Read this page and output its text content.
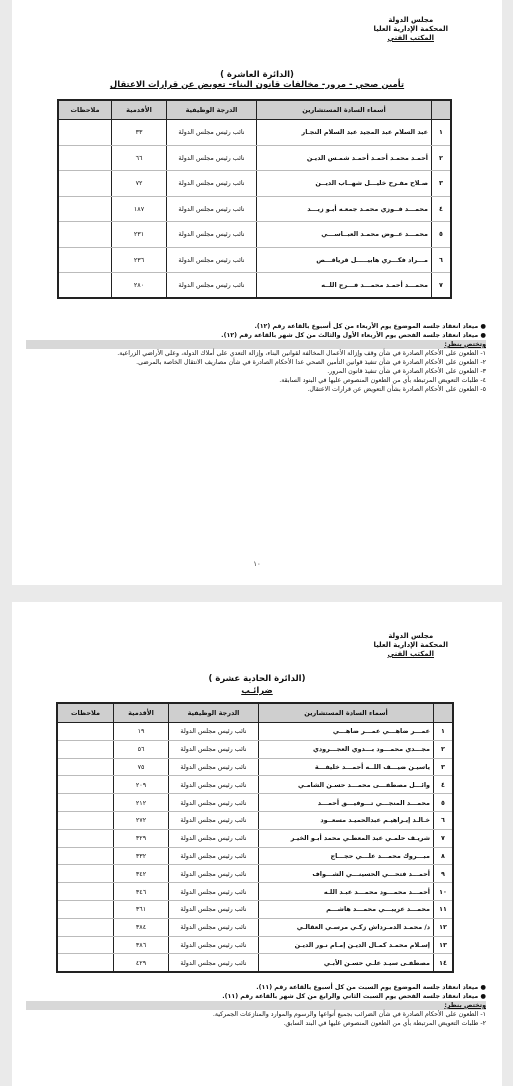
مجلس الدولة
المحكمة الإدارية العليا
المكتب الفني
(الدائرة العاشرة )
تأمين صحي - مرور- مخالفات قانون البناء- تعويض عن قرارات الاعتقال
	أسماء السادة المستشارين	الدرجة الوظيفية	الأقدمية	ملاحظات
١	عبد السلام عبد المجيد عبد السلام النجـار	نائب رئيس مجلس الدولة	٣٣	
٢	أحمـد محمـد أحمـد أحمـد شمـس الديـن	نائب رئيس مجلس الدولة	٦٦	
٣	صـلاح مفـرح خليـــل شهــاب الديــن	نائب رئيس مجلس الدولة	٧٢	
٤	محمـــد فــوزي محمـد جمعـه أبـو زيـــد	نائب رئيس مجلس الدولة	١٨٧	
٥	محمـــد عــوض محمـد العبــاســـي	نائب رئيس مجلس الدولة	٢٣١	
٦	مـــراد فكـــري هابيـــــل قرياقـــص	نائب رئيس مجلس الدولة	٢٣٦	
٧	محمـــد أحمـد محمـــد فـــرج اللــه	نائب رئيس مجلس الدولة	٢٨٠	
● ميعاد انعقاد جلسة الموضوع يوم الأربعاء من كل أسبوع بالقاعة رقم (١٢).
● ميعاد انعقاد جلسة الفحص يوم الأربعاء الأول والثالث من كل شهر بالقاعة رقم (١٢).
وتختص بنظر:
١- الطعون على الأحكام الصادرة في شأن وقف وإزالة الأعمال المخالفة لقوانين البناء، وإزالة التعدي على أملاك الدولة، وعلى الأراضي الزراعية.
٢- الطعون على الأحكام الصادرة في شأن تنفيذ قوانين التأمين الصحي عدا الأحكام الصادرة في شأن مصاريف الانتقال الخاصة بالمرضى.
٣- الطعون على الأحكام الصادرة في شأن تنفيذ قانون المرور.
٤- طلبات التعويض المرتبطة بأي من الطعون المنصوص عليها في البنود السابقة.
٥- الطعون على الأحكام الصادرة بشأن التعويض عن قرارات الاعتقال.
١٠
مجلس الدولة
المحكمة الإدارية العليا
المكتب الفني
(الدائرة الحادية عشرة )
ضرائـب
	أسماء السادة المستشارين	الدرجة الوظيفية	الأقدمية	ملاحظات
١	عمـــر ضاهـــي عمـــر ضاهـــي	نائب رئيس مجلس الدولة	١٩	
٢	مجـــدي محمـــود بـــدوي العجـــرودي	نائب رئيس مجلس الدولة	٥٦	
٣	ياسيـن ضيـــف اللــه أحمـــد خليفـــة	نائب رئيس مجلس الدولة	٧٥	
٤	وائـــل مصطفـــى محمـــد حسـن الشامـي	نائب رئيس مجلس الدولة	٢٠٩	
٥	محمـــد المنجـــي تـــوفيـــق أحمـــد	نائب رئيس مجلس الدولة	٢١٢	
٦	خـالـد إبـراهيـم عبدالحميـد مسعــود	نائب رئيس مجلس الدولة	٢٧٢	
٧	شريـف حلمـي عبد المعطـي محمد أبـو الخيـر	نائب رئيس مجلس الدولة	٣٢٩	
٨	مبـــروك محمـــد علـــي حجـــاج	نائب رئيس مجلس الدولة	٣٣٢	
٩	أحمـــد فتحـــي الحسينـــي الشـــواف	نائب رئيس مجلس الدولة	٣٤٢	
١٠	أحمـــد محمـــود محمـــد عبـد اللـه	نائب رئيس مجلس الدولة	٣٤٦	
١١	محمـــد عريبـــي محمـــد هاشـــم	نائب رئيس مجلس الدولة	٣٦١	
١٢	د/ محمـد الدمـرداش زكـي مرسـي العقالـي	نائب رئيس مجلس الدولة	٣٨٤	
١٣	إسـلام محمـد كمـال الديـن إمـام نـور الديـن	نائب رئيس مجلس الدولة	٣٨٦	
١٤	مصطفـى سيـد علـي حسـن الأبـي	نائب رئيس مجلس الدولة	٤٢٩	
● ميعاد انعقاد جلسة الموضوع يوم السبت من كل أسبوع بالقاعة رقم (١١).
● ميعاد انعقاد جلسة الفحص يوم السبت الثاني والرابع من كل شهر بالقاعة رقم (١١).
وتختص بنظر:
١- الطعون على الأحكام الصادرة في شأن الضرائب بجميع أنواعها والرسوم والموارد والمنازعات الجمركية.
٢- طلبات التعويض المرتبطة بأي من الطعون المنصوص عليها في البند السابق.
